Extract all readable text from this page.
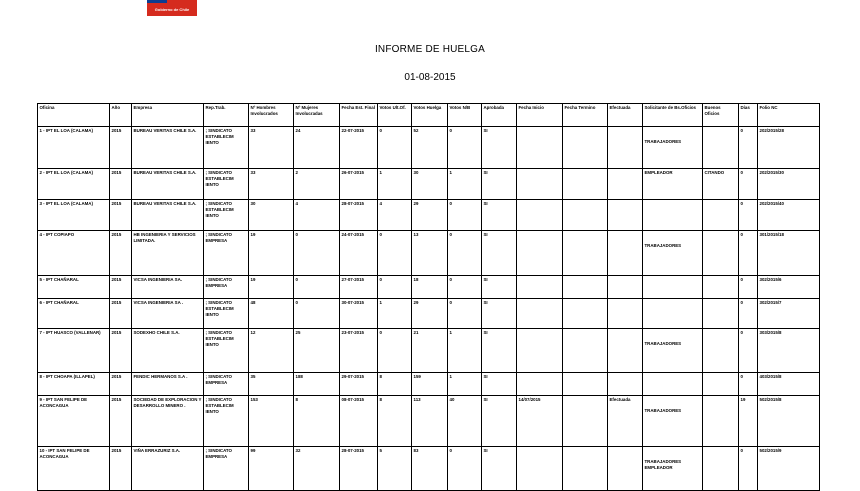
Gobierno de Chile
INFORME DE HUELGA
01-08-2015
Oficina	Año	Empresa	Rep.Trab.	Nº Hombres Involucrados	Nº Mujeres Involucradas	Fecha Est. Final	Votos Ult.Of.	Votos Huelga	Votos N/B	Aprobada	Fecha Inicio	Fecha Termino	Efectuada	Solicitante de Bs.Oficios	Buenos Oficios	Días	Folio NC
1 - IPT EL LOA (CALAMA)	2015	BUREAU VERITAS CHILE S.A.	; SINDICATO ESTABLECIM IENTO	33	24	22-07-2015	0	52	0	SI				TRABAJADORES		0	202/2015/28
2 - IPT EL LOA (CALAMA)	2015	BUREAU VERITAS CHILE S.A.	; SINDICATO ESTABLECIM IENTO	33	2	26-07-2015	1	30	1	SI				EMPLEADOR	CITANDO	0	202/2015/30
3 - IPT EL LOA (CALAMA)	2015	BUREAU VERITAS CHILE S.A.	; SINDICATO ESTABLECIM IENTO	30	4	28-07-2015	4	29	0	SI						0	202/2015/40
4 - IPT COPIAPO	2015	HB INGENIERIA Y SERVICIOS LIMITADA.	; SINDICATO EMPRESA	19	0	24-07-2015	0	13	0	SI				TRABAJADORES		0	301/2015/18
5 - IPT CHAÑARAL	2015	VICSA INGENIERIA SA.	; SINDICATO EMPRESA	19	0	27-07-2015	0	18	0	SI						0	302/2015/6
6 - IPT CHAÑARAL	2015	VICSA INGENIERIA SA .	; SINDICATO ESTABLECIM IENTO	48	0	30-07-2015	1	29	0	SI						0	302/2015/7
7 - IPT HUASCO (VALLENAR)	2015	SODEXHO CHILE S.A.	; SINDICATO ESTABLECIM IENTO	12	25	23-07-2015	0	21	1	SI				TRABAJADORES		0	303/2015/8
8 - IPT CHOAPA (ILLAPEL)	2015	FENDIC HERMANOS S.A .	; SINDICATO EMPRESA	35	188	29-07-2015	8	159	1	SI						0	403/2015/8
9 - IPT SAN FELIPE DE ACONCAGUA	2015	SOCIEDAD DE EXPLORACION Y DESARROLLO MINERO .	; SINDICATO ESTABLECIM IENTO	153	8	08-07-2015	8	113	40	SI	14/07/2015		Efectuada	TRABAJADORES		19	502/2015/8
10 - IPT SAN FELIPE DE ACONCAGUA	2015	VIÑA ERRAZURIZ S.A.	; SINDICATO EMPRESA	99	32	28-07-2015	5	83	0	SI				TRABAJADORES EMPLEADOR		0	502/2015/9
